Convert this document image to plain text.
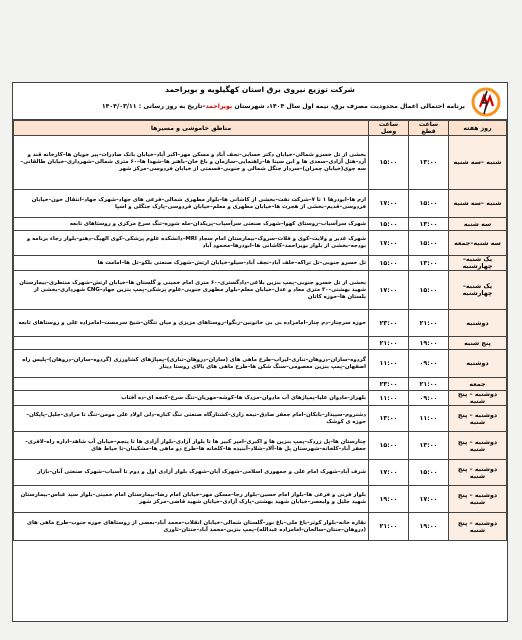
شرکت توزیع نیروی برق استان کهگیلویه و بویراحمد
برنامه احتمالی اعمال محدودیت مصرف برق، نیمه اول سال ۱۴۰۴، شهرستان بویراحمد–تاریخ به روز رسانی : ۱۴۰۴/۰۳/۱۱
روز هفته	ساعت قطع	ساعت وصل	مناطق خاموشی و مسیرها
شنبه –سه شنبه	۱۳:۰۰	۱۵:۰۰	بخشی از تل خسرو شمالی–خیابان دکتر حسابی–نجف آباد و مسکن مهر–اکبر آباد–خیابان بانک صادرات–پیر جویان ها–کارخانه قند و آرد–هتل آزادی–سعدی ها و ابن سینا ها–راهنمایی–سازمان و باغ خان–باهنر ها–شهدا ها–۶۰ متری شمالی–شهرداری–خیابان طالقانی–سه جوی(خیابان چمران)–سردار جنگل شمالی و جنوبی–قسمتی از خیابان فردوسی–مرکز شهر
شنبه –سه شنبه	۱۵:۰۰	۱۷:۰۰	ارم ها–ابوذرها ۱ تا ۷–شرکت نفت–بخشی از کاشانی ها–بلوار مطهری شمالی–فرعی های جهاد–شهرک جهاد–انتقال خون–خیابان فردوسی–قدیم–بخشی از هجرت ها–خیابان مطهری و معلم–خیابان فردوسی–پارک جنگلی و اسپا
سه شنبه	۱۳:۰۰	۱۵:۰۰	شهرک سرآسیاب–روستای کهوا–شهرک صنعتی سرآسیاب–پریکدان–مله شوره–تنگ سرخ مرکزی و روستاهای تابعه
سه شنبه–جمعه	۱۵:۰۰	۱۷:۰۰	شهرک غدیر و ولایت–کوی و قلات–سروک–بیمارستان امام سجاد MRI–دانشکده علوم پزشکی–کوی الهیگ–دهنو–بلوار رجاء برنامه و بودجه–بخشی از بلوار بویراحمد–کاشانی ها–ابوذرها–محمود آباد
یک شنبه–چهارشنبه	۱۳:۰۰	۱۵:۰۰	تل خسرو جنوبی–تل تراکه–خلف آباد–نجف آباد–سیلو–خیابان ارتش–شهرک صنعتی بلکو–تل ها–امامت ها
یک شنبه–چهارشنبه	۱۵:۰۰	۱۷:۰۰	بخشی از تل خسرو جنوبی–پمپ بنزین بلاغی–دادگستری–۶۰ متری امام خمینی و گلستان ها–خیابان ارتش–شهرک منتظری–بیمارستان شهید بهشتی–۳۰ متری معاد و عدل–خیابان معلم–بلوار مطهری جنوبی–علوم پزشکی–پمپ بنزین جهاد–CNG شهرداری–بخشی از بلستان ها–حوزه کاتان
دوشنبه	۲۱:۰۰	۲۳:۰۰	حوزه سرچنار–دم چنار–امامزاده بی بی خاتونین–زنگوا–روستاهای مزیزی و میان تنگان–شیخ سرمست–امامزاده علی و روستاهای تابعه
پنج شنبه	۱۹:۰۰	۲۱:۰۰	
دوشنبه	۰۹:۰۰	۱۱:۰۰	گردوه–ساران–دروهان–تناری–لیراب–طرح ماهی های (ساران–دروهان–تناری)–پمپاژهای کشاورزی (گردوه–ساران–دروهان)–پلیس راه اصفهان–پمپ بنزین معصومی–سنگ شکن ها–طرح ماهی های بالای روستا دینار
جمعه	۲۱:۰۰	۲۳:۰۰	
دوشنبه – پنج شنبه	۰۹:۰۰	۱۱:۰۰	بلهزار–مادوان علیا–پمپاژهای آب مادوان–مزدک ها–کوشه–مهریان–تنگ سرخ–کنجه ای–ده آفتاب
دوشنبه – پنج شنبه	۱۱:۰۰	۱۳:۰۰	دشتروم–سپیدار–بابکان–امام جعفر صادق–نیمه زاری–کشتارگاه صنعتی تنگ کناره–دلی اولاد علی مومن–تنگ تا مرادی–جلیل–پاپکان–حوزه ی کوشک
دوشنبه – پنج شنبه	۱۳:۰۰	۱۵:۰۰	چنارستان ها–پل زردک–پمپ بنزین ها و اکبری–امیر کبیر ها تا بلوار آزادی–بلوار آزادی ها تا پنجم–خیابان آب شاهد–اداره راه–لافری–جعفر آباد–کلخانه–شهرستان پل ها–آلاد–شلاد–آبنیده ها–کلخانه ها–طرح دو ماهی ها–مشکینان–تا حیاط های
دوشنبه – پنج شنبه	۱۵:۰۰	۱۷:۰۰	شرف آباد–شهرک امام علی و جمهوری اسلامی–شهرک آبان–شهرک بلوار آزادی اول و دوم تا آسیاب–شهرک صنعتی آبان–بازار
دوشنبه – پنج شنبه	۱۷:۰۰	۱۹:۰۰	بلوار فرنی و فرعی ها–بلوار امام حسین–بلوار رجا–مسکن مهر–خیابان امام رضا–بیمارستان امام خمینی–بلوار سید عباس–بیمارستان شهید جلیل و ولیعصر–خیابان شهید بهشتی–پارک آزادی–خیابان شهید قاضی–مرکز شهر
دوشنبه – پنج شنبه	۱۹:۰۰	۲۱:۰۰	نقاره خانه–بلوار کوثر–باغ ملی–باغ نور–گلستان شمالی–خیابان انقلاب–محمد آباد–بعضی از روستاهای حوزه جنوب–طرح ماهی های (دروهان–جنتان–سالحان–امامزاده عبدالله)–پمپ بنزین–محمد آباد–جنتان–تاوری
